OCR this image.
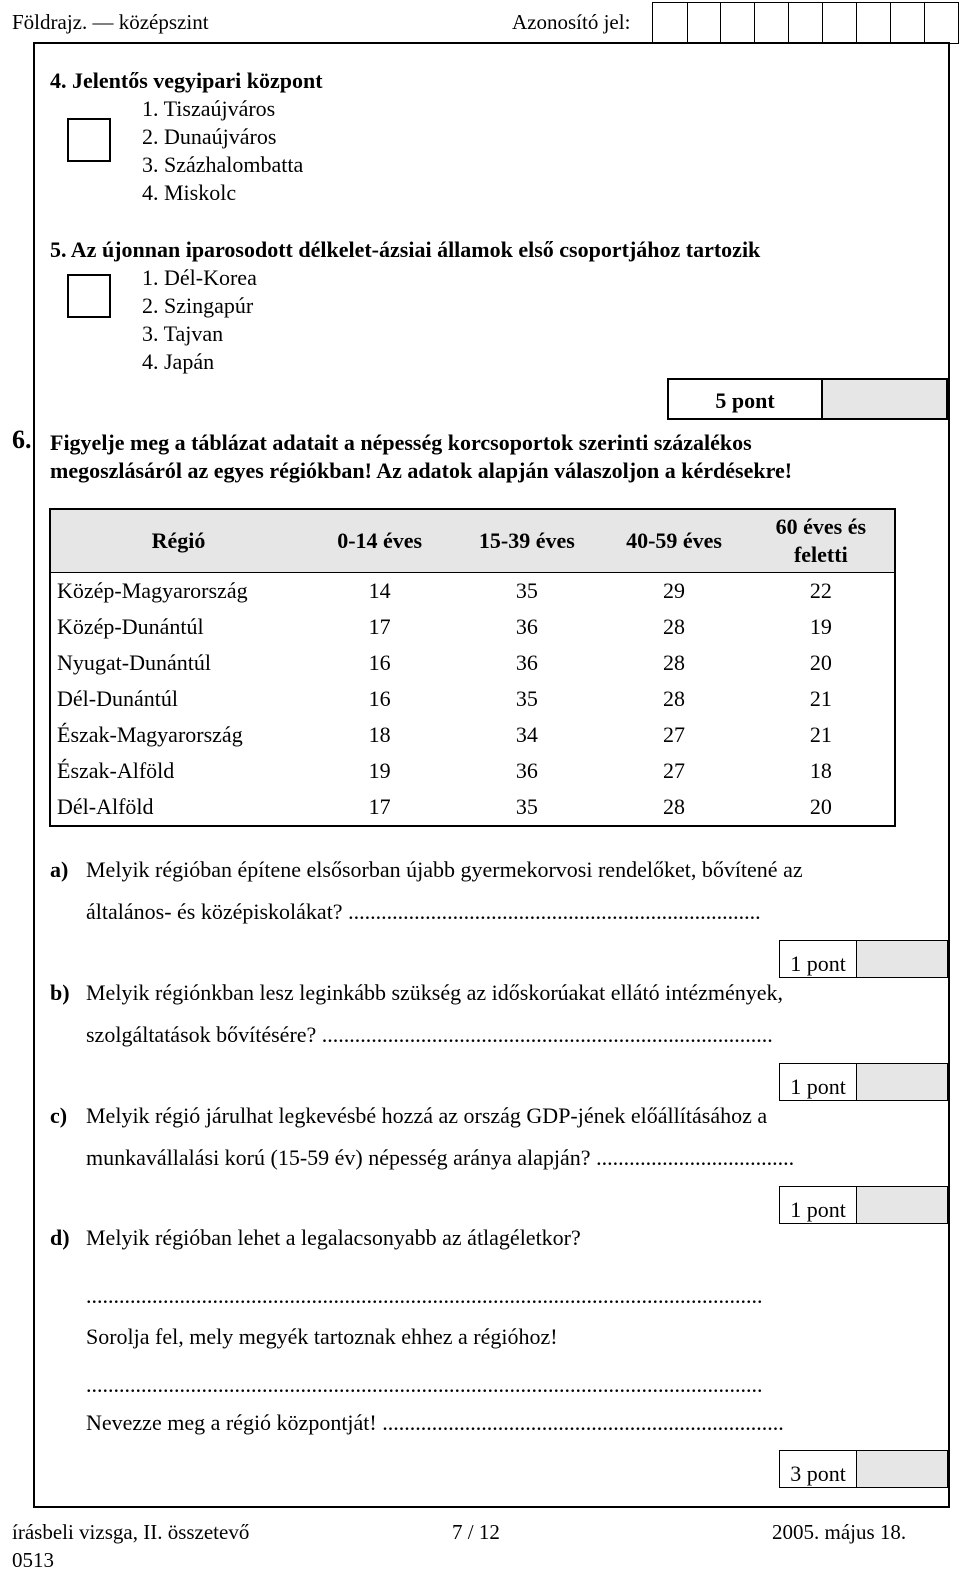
Földrajz. — középszint	Azonosító jel:
4. Jelentős vegyipari központ
1. Tiszaújváros
2. Dunaújváros
3. Százhalombatta
4. Miskolc
5. Az újonnan iparosodott délkelet-ázsiai államok első csoportjához tartozik
1. Dél-Korea
2. Szingapúr
3. Tajvan
4. Japán
5 pont
6. Figyelje meg a táblázat adatait a népesség korcsoportok szerinti százalékos
megoszlásáról az egyes régiókban! Az adatok alapján válaszoljon a kérdésekre!
Régió	0-14 éves	15-39 éves	40-59 éves	60 éves és feletti
Közép-Magyarország	14	35	29	22
Közép-Dunántúl	17	36	28	19
Nyugat-Dunántúl	16	36	28	20
Dél-Dunántúl	16	35	28	21
Észak-Magyarország	18	34	27	21
Észak-Alföld	19	36	27	18
Dél-Alföld	17	35	28	20
a) Melyik régióban építene elsősorban újabb gyermekorvosi rendelőket, bővítené az
általános- és középiskolákat? ...........................................................................
1 pont
b) Melyik régiónkban lesz leginkább szükség az időskorúakat ellátó intézmények,
szolgáltatások bővítésére? ..................................................................................
1 pont
c) Melyik régió járulhat legkevésbé hozzá az ország GDP-jének előállításához a
munkavállalási korú (15-59 év) népesség aránya alapján? ....................................
1 pont
d) Melyik régióban lehet a legalacsonyabb az átlagéletkor?
...........................................................................................................................
Sorolja fel, mely megyék tartoznak ehhez a régióhoz!
...........................................................................................................................
Nevezze meg a régió központját! .........................................................................
3 pont
írásbeli vizsga, II. összetevő
0513
7 / 12	2005. május 18.
